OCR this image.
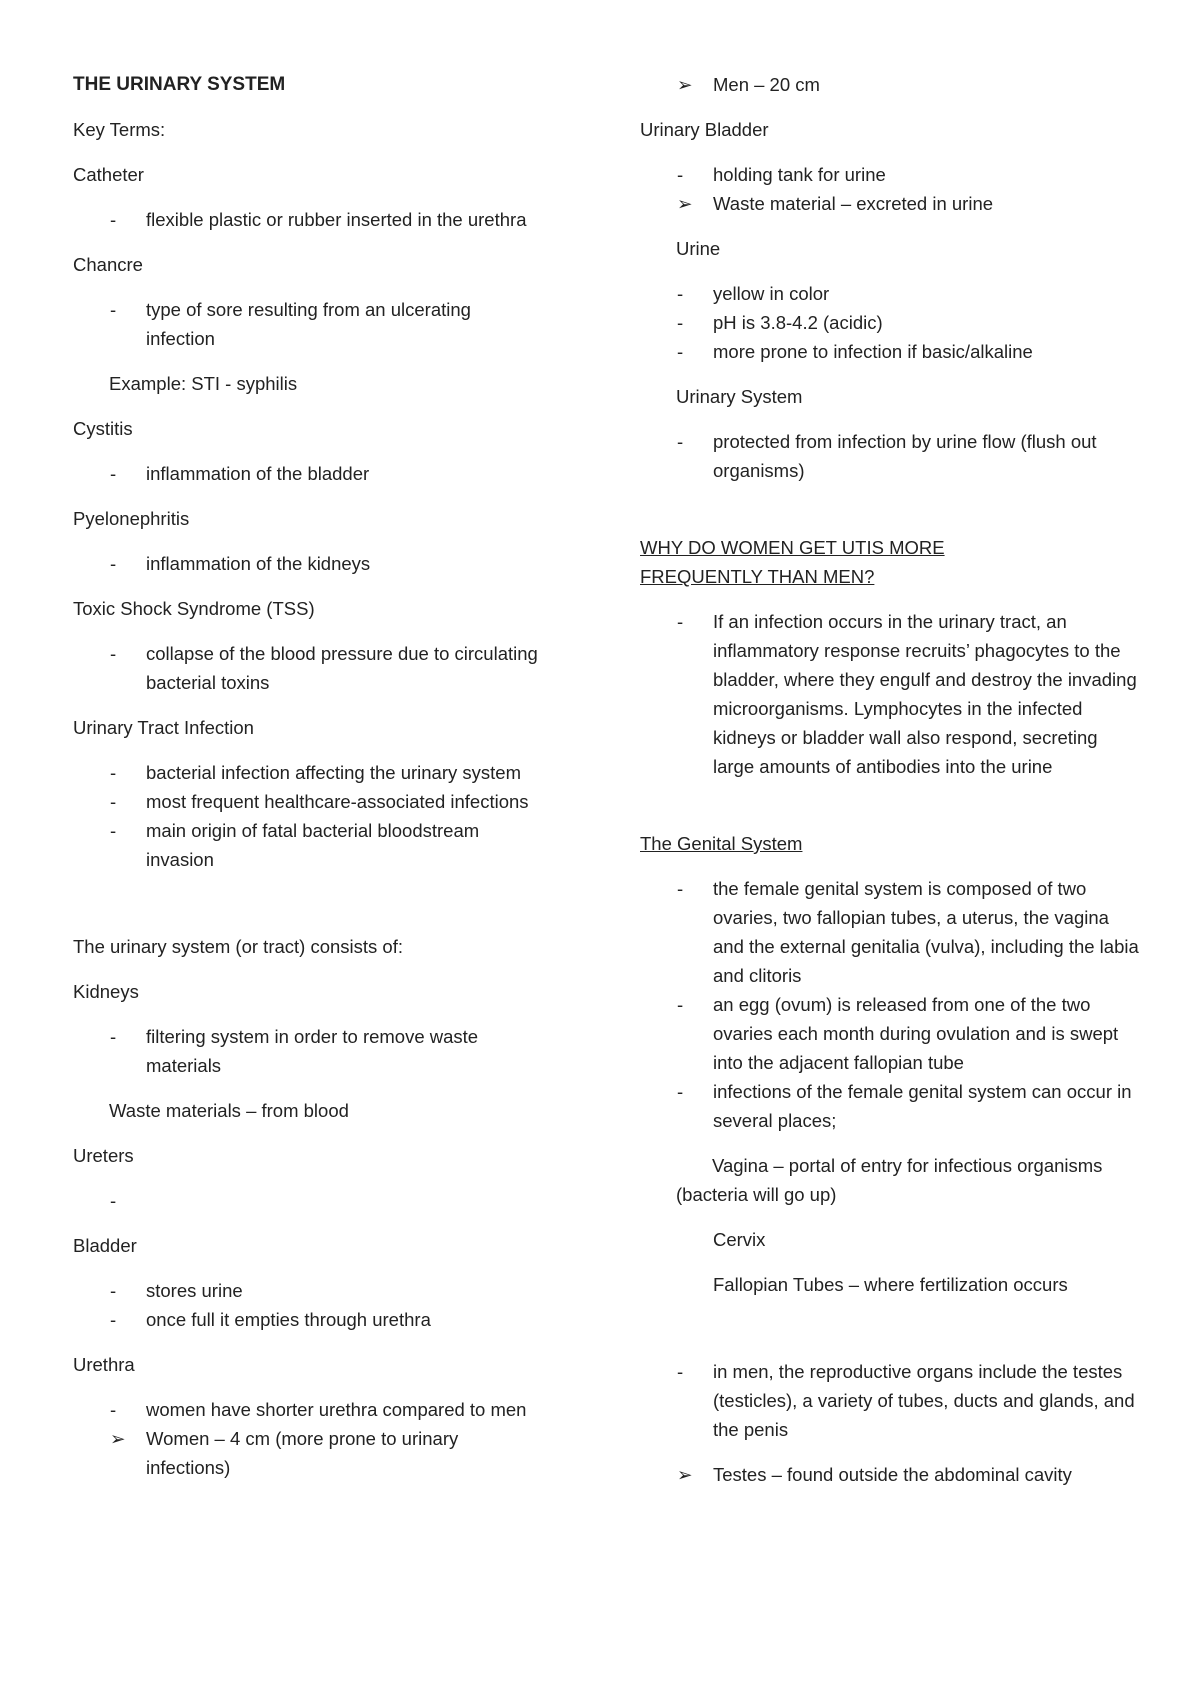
THE URINARY SYSTEM

Key Terms:

Catheter

-	flexible plastic or rubber inserted in the urethra

Chancre

-	type of sore resulting from an ulcerating infection

Example: STI - syphilis

Cystitis

-	inflammation of the bladder

Pyelonephritis

-	inflammation of the kidneys

Toxic Shock Syndrome (TSS)

-	collapse of the blood pressure due to circulating bacterial toxins

Urinary Tract Infection

-	bacterial infection affecting the urinary system
-	most frequent healthcare-associated infections
-	main origin of fatal bacterial bloodstream invasion

The urinary system (or tract) consists of:

Kidneys

-	filtering system in order to remove waste materials

Waste materials – from blood

Ureters

-

Bladder

-	stores urine
-	once full it empties through urethra

Urethra

-	women have shorter urethra compared to men
➢ Women – 4 cm (more prone to urinary infections)
➢ Men – 20 cm

Urinary Bladder

-	holding tank for urine
➢ Waste material – excreted in urine

Urine

-	yellow in color
-	pH is 3.8-4.2 (acidic)
-	more prone to infection if basic/alkaline

Urinary System

-	protected from infection by urine flow (flush out organisms)

WHY DO WOMEN GET UTIS MORE

FREQUENTLY THAN MEN?

-	If an infection occurs in the urinary tract, an inflammatory response recruits’ phagocytes to the bladder, where they engulf and destroy the invading microorganisms. Lymphocytes in the infected kidneys or bladder wall also respond, secreting large amounts of antibodies into the urine

The Genital System

-	the female genital system is composed of two ovaries, two fallopian tubes, a uterus, the vagina and the external genitalia (vulva), including the labia and clitoris
-	an egg (ovum) is released from one of the two ovaries each month during ovulation and is swept into the adjacent fallopian tube
-	infections of the female genital system can occur in several places;

Vagina – portal of entry for infectious organisms (bacteria will go up)

Cervix

Fallopian Tubes – where fertilization occurs

-	in men, the reproductive organs include the testes (testicles), a variety of tubes, ducts and glands, and the penis
➢ Testes – found outside the abdominal cavity
